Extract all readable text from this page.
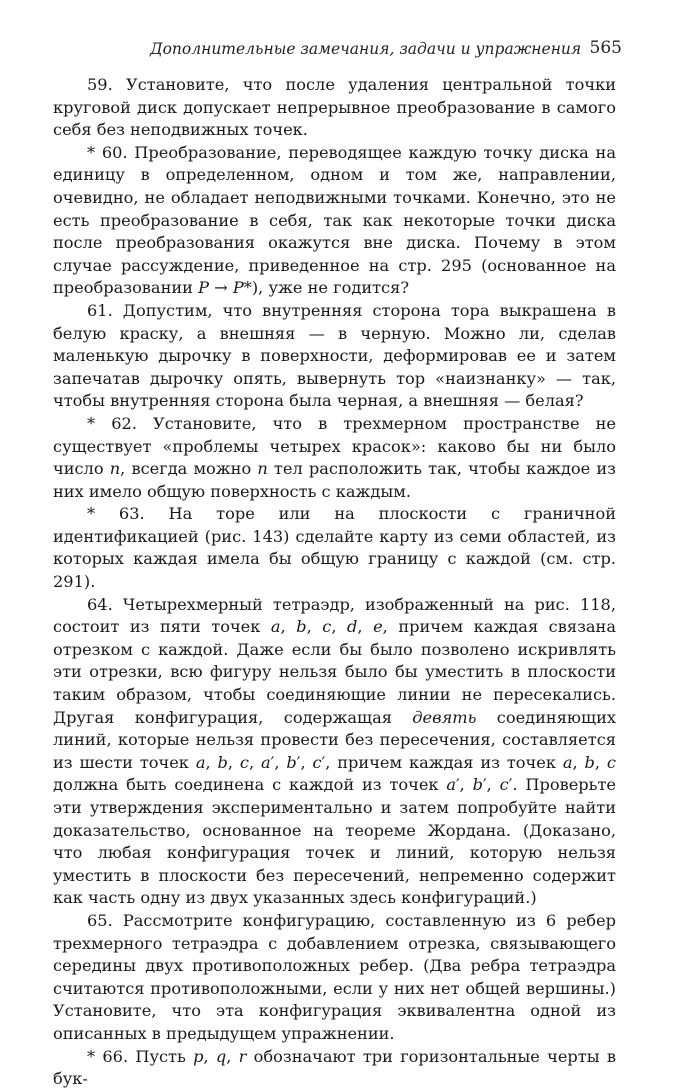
Дополнительные замечания, задачи и упражнения 565

59. Установите, что после удаления центральной точки круговой диск допускает непрерывное преобразование в самого себя без неподвижных точек.

* 60. Преобразование, переводящее каждую точку диска на единицу в определенном, одном и том же, направлении, очевидно, не обладает неподвижными точками. Конечно, это не есть преобразование в себя, так как некоторые точки диска после преобразования окажутся вне диска. Почему в этом случае рассуждение, приведенное на стр. 295 (основанное на преобразовании P → P*), уже не годится?

61. Допустим, что внутренняя сторона тора выкрашена в белую краску, а внешняя — в черную. Можно ли, сделав маленькую дырочку в поверхности, деформировав ее и затем запечатав дырочку опять, вывернуть тор «наизнанку» — так, чтобы внутренняя сторона была черная, а внешняя — белая?

* 62. Установите, что в трехмерном пространстве не существует «проблемы четырех красок»: каково бы ни было число n, всегда можно n тел расположить так, чтобы каждое из них имело общую поверхность с каждым.

* 63. На торе или на плоскости с граничной идентификацией (рис. 143) сделайте карту из семи областей, из которых каждая имела бы общую границу с каждой (см. стр. 291).

64. Четырехмерный тетраэдр, изображенный на рис. 118, состоит из пяти точек a, b, c, d, e, причем каждая связана отрезком с каждой. Даже если бы было позволено искривлять эти отрезки, всю фигуру нельзя было бы уместить в плоскости таким образом, чтобы соединяющие линии не пересекались. Другая конфигурация, содержащая девять соединяющих линий, которые нельзя провести без пересечения, составляется из шести точек a, b, c, a′, b′, c′, причем каждая из точек a, b, c должна быть соединена с каждой из точек a′, b′, c′. Проверьте эти утверждения экспериментально и затем попробуйте найти доказательство, основанное на теореме Жордана. (Доказано, что любая конфигурация точек и линий, которую нельзя уместить в плоскости без пересечений, непременно содержит как часть одну из двух указанных здесь конфигураций.)

65. Рассмотрите конфигурацию, составленную из 6 ребер трехмерного тетраэдра с добавлением отрезка, связывающего середины двух противоположных ребер. (Два ребра тетраэдра считаются противоположными, если у них нет общей вершины.) Установите, что эта конфигурация эквивалентна одной из описанных в предыдущем упражнении.

* 66. Пусть p, q, r обозначают три горизонтальные черты в бук-
